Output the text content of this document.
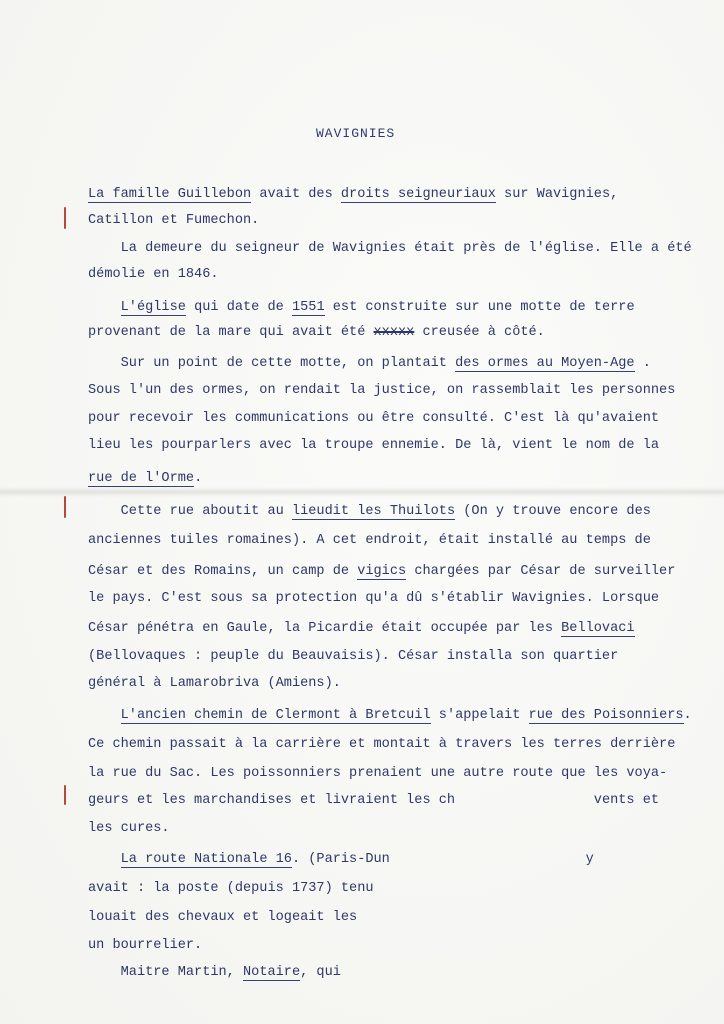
WAVIGNIES
La famille Guillebon avait des droits seigneuriaux sur Wavignies,
Catillon et Fumechon.
La demeure du seigneur de Wavignies était près de l'église. Elle a été
démolie en 1846.
L'église qui date de 1551 est construite sur une motte de terre
provenant de la mare qui avait été xxxxx creusée à côté.
Sur un point de cette motte, on plantait des ormes au Moyen-Age .
Sous l'un des ormes, on rendait la justice, on rassemblait les personnes
pour recevoir les communications ou être consulté. C'est là qu'avaient
lieu les pourparlers avec la troupe ennemie. De là, vient le nom de la
rue de l'Orme.
Cette rue aboutit au lieudit les Thuilots (On y trouve encore des
anciennes tuiles romaines). A cet endroit, était installé au temps de
César et des Romains, un camp de vigics chargées par César de surveiller
le pays. C'est sous sa protection qu'a dû s'établir Wavignies. Lorsque
César pénétra en Gaule, la Picardie était occupée par les Bellovaci
(Bellovaques : peuple du Beauvaisis). César installa son quartier
général à Lamarobriva (Amiens).
L'ancien chemin de Clermont à Bretcuil s'appelait rue des Poisonniers.
Ce chemin passait à la carrière et montait à travers les terres derrière
la rue du Sac. Les poissonniers prenaient une autre route que les voya-
geurs et les marchandises et livraient les ch	vents et
les cures.
La route Nationale 16. (Paris-Dun	y
avait : la poste (depuis 1737) tenu
louait des chevaux et logeait les
un bourrelier.
Maitre Martin, Notaire, qui
